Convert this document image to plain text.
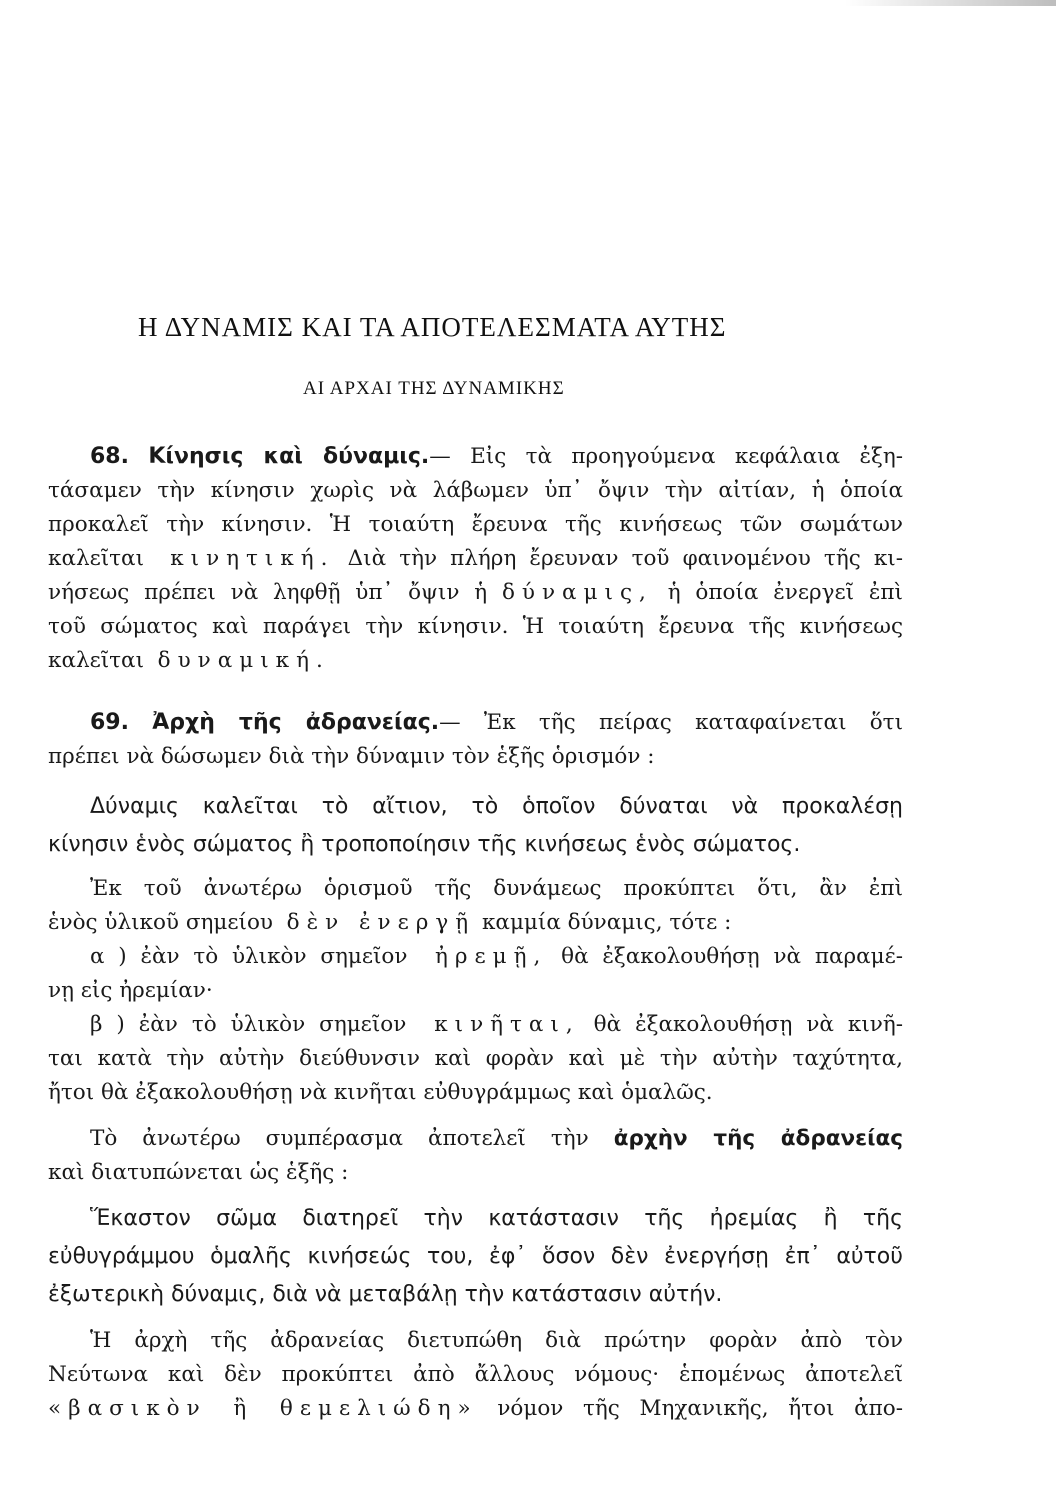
Η ΔΥΝΑΜΙΣ ΚΑΙ ΤΑ ΑΠΟΤΕΛΕΣΜΑΤΑ ΑΥΤΗΣ
ΑΙ ΑΡΧΑΙ ΤΗΣ ΔΥΝΑΜΙΚΗΣ
68. Κίνησις καὶ δύναμις.— Εἰς τὰ προηγούμενα κεφάλαια ἐξη-
τάσαμεν τὴν κίνησιν χωρὶς νὰ λάβωμεν ὑπ᾽ ὄψιν τὴν αἰτίαν, ἡ ὁποία
προκαλεῖ τὴν κίνησιν. Ἡ τοιαύτη ἔρευνα τῆς κινήσεως τῶν σωμάτων
καλεῖται κινητική. Διὰ τὴν πλήρη ἔρευναν τοῦ φαινομένου τῆς κι-
νήσεως πρέπει νὰ ληφθῇ ὑπ᾽ ὄψιν ἡ δύναμις, ἡ ὁποία ἐνεργεῖ ἐπὶ
τοῦ σώματος καὶ παράγει τὴν κίνησιν. Ἡ τοιαύτη ἔρευνα τῆς κινήσεως
καλεῖται δυναμική.
69. Ἀρχὴ τῆς ἀδρανείας.— Ἐκ τῆς πείρας καταφαίνεται ὅτι
πρέπει νὰ δώσωμεν διὰ τὴν δύναμιν τὸν ἑξῆς ὁρισμόν :
Δύναμις καλεῖται τὸ αἴτιον, τὸ ὁποῖον δύναται νὰ προκαλέσῃ
κίνησιν ἑνὸς σώματος ἢ τροποποίησιν τῆς κινήσεως ἑνὸς σώματος.
Ἐκ τοῦ ἀνωτέρω ὁρισμοῦ τῆς δυνάμεως προκύπτει ὅτι, ἂν ἐπὶ
ἑνὸς ὑλικοῦ σημείου δὲν ἐνεργῇ καμμία δύναμις, τότε :
α ) ἐὰν τὸ ὑλικὸν σημεῖον ἠρεμῇ, θὰ ἐξακολουθήσῃ νὰ παραμέ-
νῃ εἰς ἠρεμίαν·
β ) ἐὰν τὸ ὑλικὸν σημεῖον κινῆται, θὰ ἐξακολουθήσῃ νὰ κινῆ-
ται κατὰ τὴν αὐτὴν διεύθυνσιν καὶ φορὰν καὶ μὲ τὴν αὐτὴν ταχύτητα,
ἤτοι θὰ ἐξακολουθήσῃ νὰ κινῆται εὐθυγράμμως καὶ ὁμαλῶς.
Τὸ ἀνωτέρω συμπέρασμα ἀποτελεῖ τὴν ἀρχὴν τῆς ἀδρανείας
καὶ διατυπώνεται ὡς ἑξῆς :
Ἕκαστον σῶμα διατηρεῖ τὴν κατάστασιν τῆς ἠρεμίας ἢ τῆς
εὐθυγράμμου ὁμαλῆς κινήσεώς του, ἐφ᾽ ὅσον δὲν ἐνεργήσῃ ἐπ᾽ αὐτοῦ
ἐξωτερικὴ δύναμις, διὰ νὰ μεταβάλῃ τὴν κατάστασιν αὐτήν.
Ἡ ἀρχὴ τῆς ἀδρανείας διετυπώθη διὰ πρώτην φορὰν ἀπὸ τὸν
Νεύτωνα καὶ δὲν προκύπτει ἀπὸ ἄλλους νόμους· ἑπομένως ἀποτελεῖ
«βασικὸν ἢ θεμελιώδη» νόμον τῆς Μηχανικῆς, ἤτοι ἀπο-
